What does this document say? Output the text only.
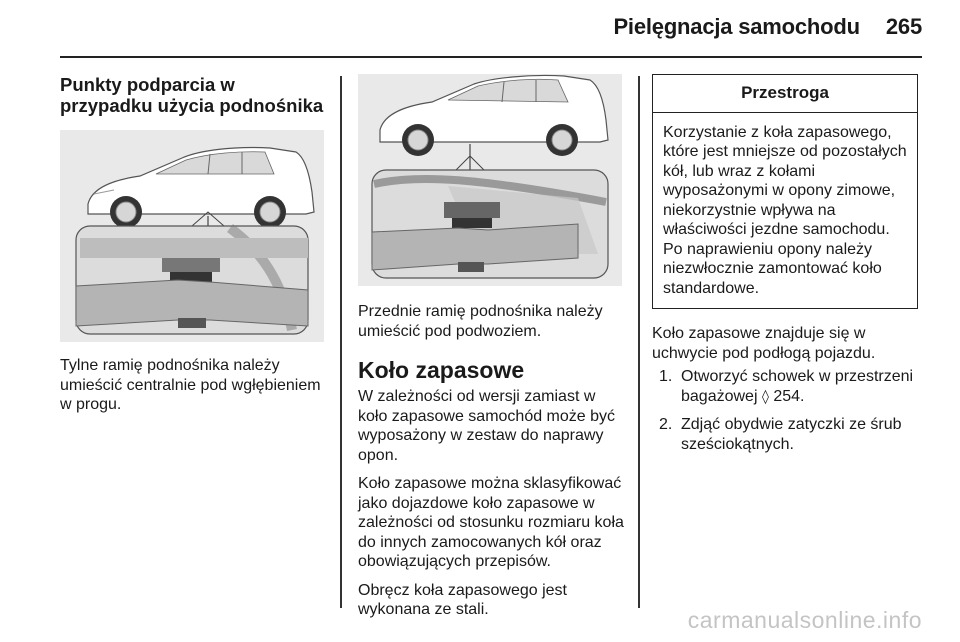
Pielęgnacja samochodu 265
Punkty podparcia w przypadku użycia podnośnika

Tylne ramię podnośnika należy umieścić centralnie pod wgłębieniem w progu.

Przednie ramię podnośnika należy umieścić pod podwoziem.

Koło zapasowe

W zależności od wersji zamiast w koło zapasowe samochód może być wyposażony w zestaw do naprawy opon.

Koło zapasowe można sklasyfikować jako dojazdowe koło zapasowe w zależności od stosunku rozmiaru koła do innych zamocowanych kół oraz obowiązujących przepisów.

Obręcz koła zapasowego jest wykonana ze stali.

Przestroga
Korzystanie z koła zapasowego, które jest mniejsze od pozostałych kół, lub wraz z kołami wyposażonymi w opony zimowe, niekorzystnie wpływa na właściwości jezdne samochodu. Po naprawieniu opony należy niezwłocznie zamontować koło standardowe.

Koło zapasowe znajduje się w uchwycie pod podłogą pojazdu.

1. Otworzyć schowek w przestrzeni bagażowej ◊ 254.
2. Zdjąć obydwie zatyczki ze śrub sześciokątnych.
carmanualsonline.info
